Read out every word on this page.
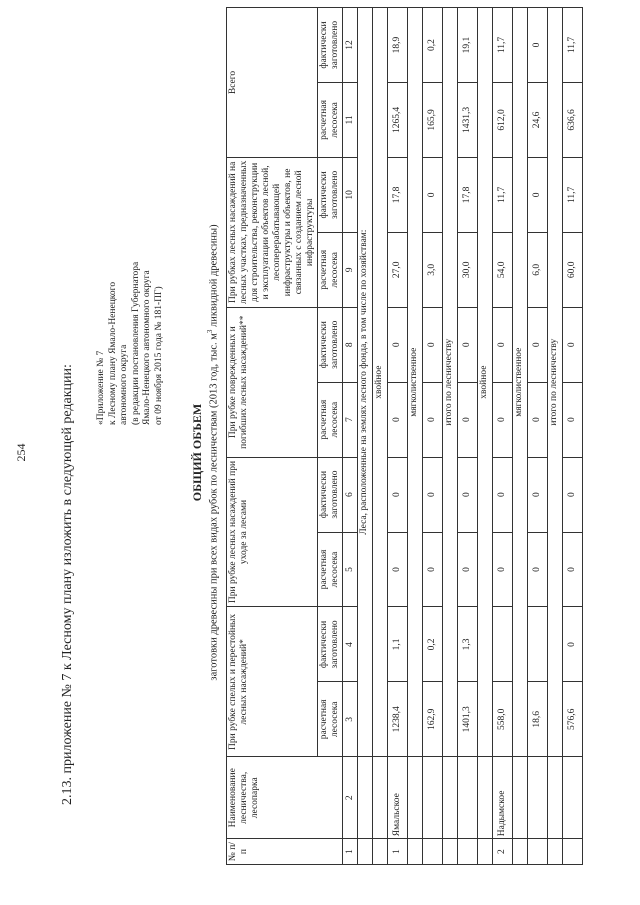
254 2.13. приложение № 7 к Лесному плану изложить в следующей редакции: «Приложение № 7 к Лесному плану Ямало-Ненецкого автономного округа (в редакции постановления Губернатора Ямало-Ненецкого автономного округа от 09 ноября 2015 года № 181-ПГ)
ОБЩИЙ ОБЪЕМ заготовки древесины при всех видах рубок по лесничествам (2013 год, тыс. $м^3$ ликвидной древесины)
№ п/п	Наименование лесничества, лесопарка	При рубке спелых и перестойных лесных насаждений*		При рубке лесных насаждений при уходе за лесами		При рубке поврежденных и погибших лесных насаждений**		При рубках лесных насаждений на лесных участках, предназначенных для строительства, реконструкции и эксплуатации объектов лесной, лесоперерабатывающей инфраструктуры и объектов, не связанных с созданием лесной инфраструктуры		Всего	
		расчетная лесосека	фактически заготовлено	расчетная лесосека	фактически заготовлено	расчетная лесосека	фактически заготовлено	расчетная лесосека	фактически заготовлено	расчетная лесосека	фактически заготовлено
1	2	3	4	5	6	7	8	9	10	11	12
		Леса, расположенные на землях лесного фонда, в том числе по хозяйствам:									
		хвойное									
1	Ямальское	1238,4	1,1	0	0	0	0	27,0	17,8	1265,4	18,9
		мягколиственное									
		162,9	0,2	0	0	0	0	3,0	0	165,9	0,2
		итого по лесничеству									
		1401,3	1,3	0	0	0	0	30,0	17,8	1431,3	19,1
		хвойное									
2	Надымское	558,0		0	0	0	0	54,0	11,7	612,0	11,7
		мягколиственное									
		18,6		0	0	0	0	6,0	0	24,6	0
		итого по лесничеству									
		576,6	0	0	0	0	0	60,0	11,7	636,6	11,7
